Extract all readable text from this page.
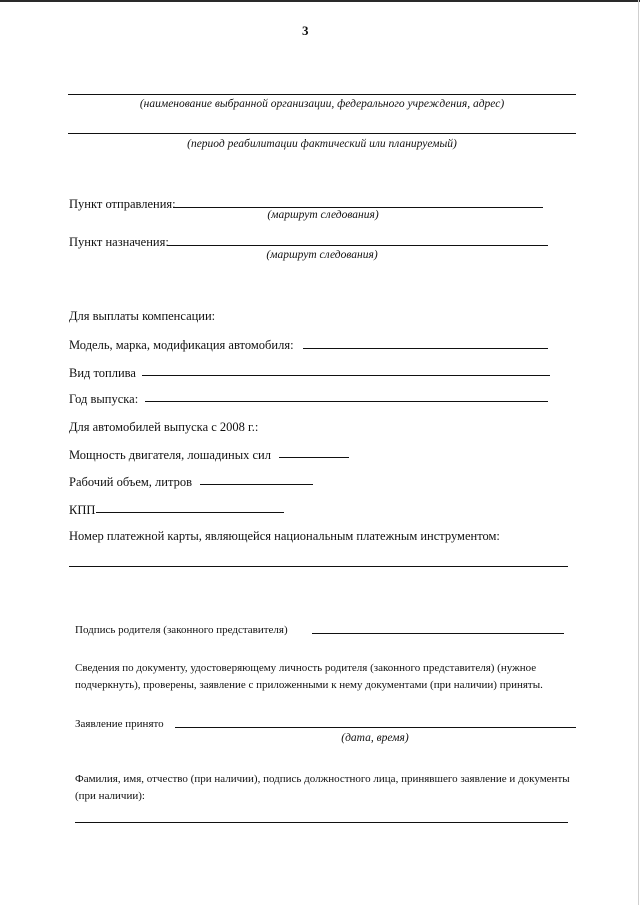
3
(наименование выбранной организации, федерального учреждения, адрес)
(период реабилитации фактический или планируемый)
Пункт отправления:
(маршрут следования)
Пункт назначения:
(маршрут следования)
Для выплаты компенсации:
Модель, марка, модификация автомобиля:
Вид топлива
Год выпуска:
Для автомобилей выпуска с 2008 г.:
Мощность двигателя, лошадиных сил
Рабочий объем, литров
КПП
Номер платежной карты, являющейся национальным платежным инструментом:
Подпись родителя (законного представителя)
Сведения по документу, удостоверяющему личность родителя (законного представителя) (нужное подчеркнуть), проверены, заявление с приложенными к нему документами (при наличии) приняты.
Заявление принято
(дата, время)
Фамилия, имя, отчество (при наличии), подпись должностного лица, принявшего заявление и документы (при наличии):
